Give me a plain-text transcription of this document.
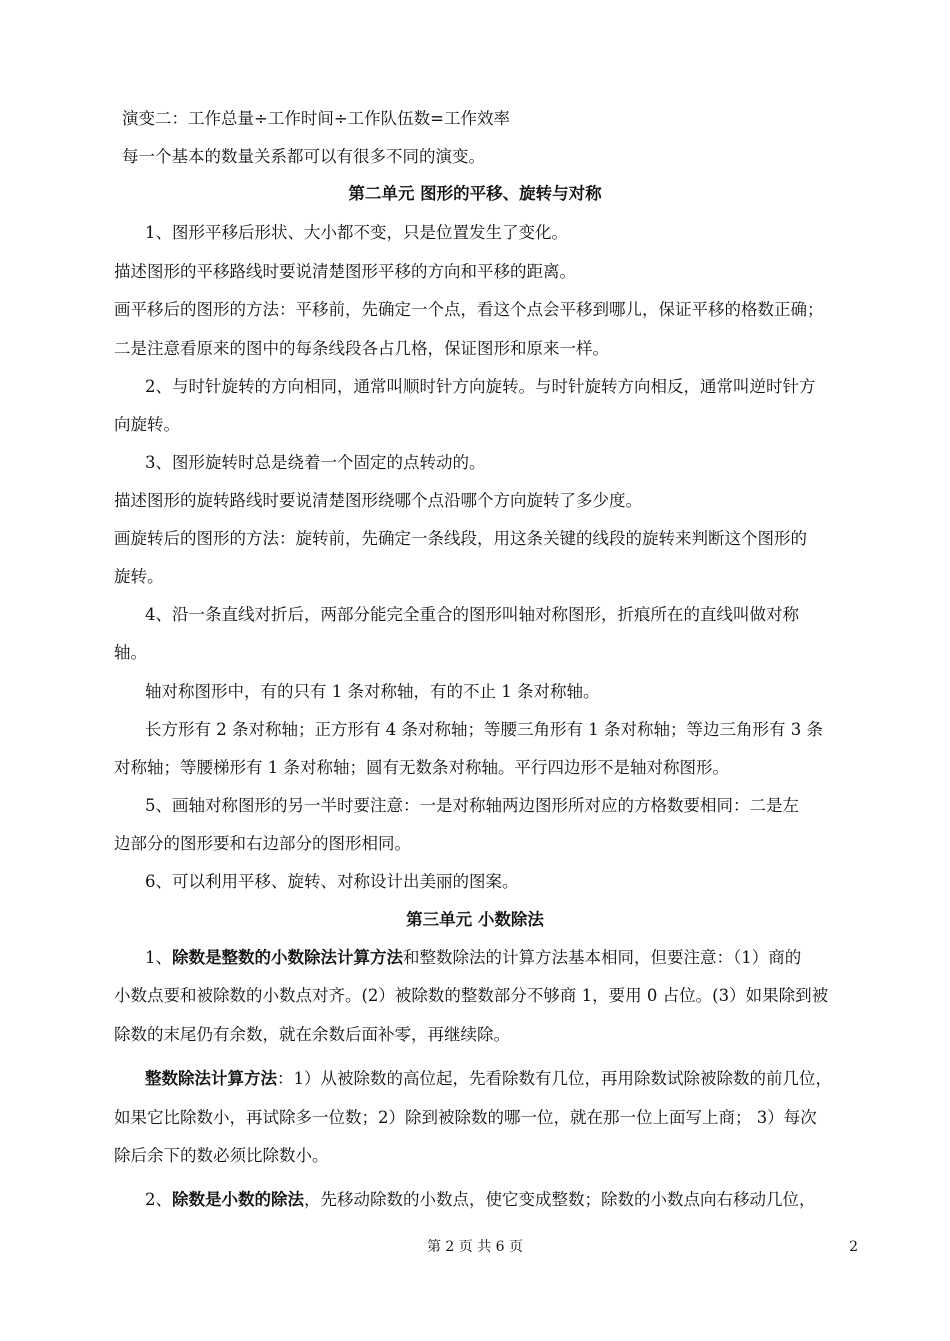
演变二：工作总量÷工作时间÷工作队伍数=工作效率
每一个基本的数量关系都可以有很多不同的演变。
第二单元 图形的平移、旋转与对称
1、图形平移后形状、大小都不变，只是位置发生了变化。
描述图形的平移路线时要说清楚图形平移的方向和平移的距离。
画平移后的图形的方法：平移前，先确定一个点，看这个点会平移到哪儿，保证平移的格数正确；
二是注意看原来的图中的每条线段各占几格，保证图形和原来一样。
2、与时针旋转的方向相同，通常叫顺时针方向旋转。与时针旋转方向相反，通常叫逆时针方
向旋转。
3、图形旋转时总是绕着一个固定的点转动的。
描述图形的旋转路线时要说清楚图形绕哪个点沿哪个方向旋转了多少度。
画旋转后的图形的方法：旋转前，先确定一条线段，用这条关键的线段的旋转来判断这个图形的
旋转。
4、沿一条直线对折后，两部分能完全重合的图形叫轴对称图形，折痕所在的直线叫做对称
轴。
轴对称图形中，有的只有 1 条对称轴，有的不止 1 条对称轴。
长方形有 2 条对称轴；正方形有 4 条对称轴；等腰三角形有 1 条对称轴；等边三角形有 3 条
对称轴；等腰梯形有 1 条对称轴；圆有无数条对称轴。平行四边形不是轴对称图形。
5、画轴对称图形的另一半时要注意：一是对称轴两边图形所对应的方格数要相同：二是左
边部分的图形要和右边部分的图形相同。
6、可以利用平移、旋转、对称设计出美丽的图案。
第三单元 小数除法
1、除数是整数的小数除法计算方法和整数除法的计算方法基本相同，但要注意：（1）商的
小数点要和被除数的小数点对齐。(2）被除数的整数部分不够商 1，要用 0 占位。(3）如果除到被
除数的末尾仍有余数，就在余数后面补零，再继续除。
整数除法计算方法：1）从被除数的高位起，先看除数有几位，再用除数试除被除数的前几位，
如果它比除数小，再试除多一位数；2）除到被除数的哪一位，就在那一位上面写上商； 3）每次
除后余下的数必须比除数小。
2、除数是小数的除法，先移动除数的小数点，使它变成整数；除数的小数点向右移动几位，
第 2 页 共 6 页	2
